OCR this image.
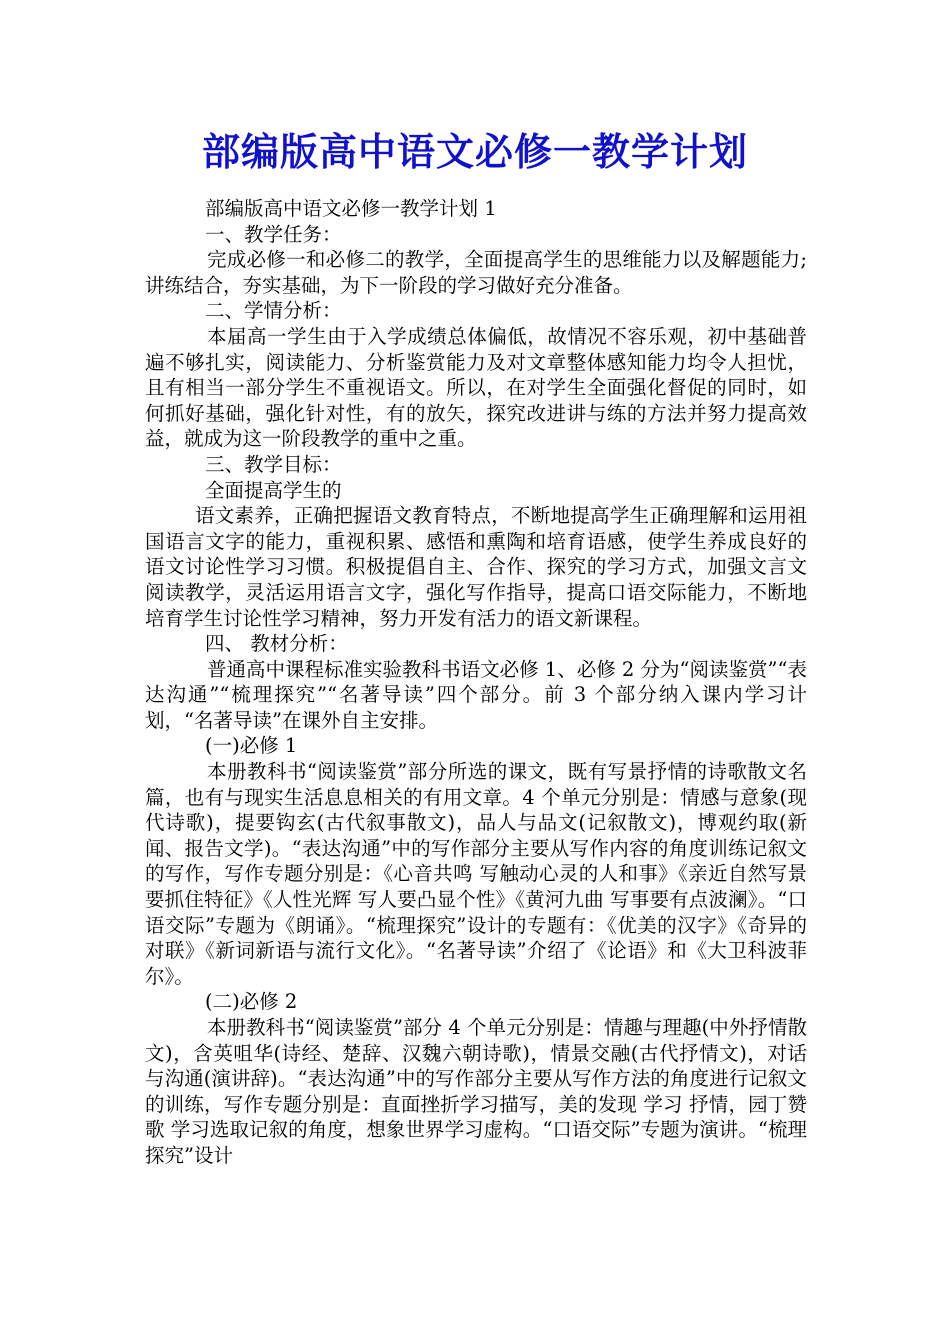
部编版高中语文必修一教学计划

部编版高中语文必修一教学计划 1

一、教学任务：

完成必修一和必修二的教学，全面提高学生的思维能力以及解题能力;讲练结合，夯实基础，为下一阶段的学习做好充分准备。

二、学情分析：

本届高一学生由于入学成绩总体偏低，故情况不容乐观，初中基础普遍不够扎实，阅读能力、分析鉴赏能力及对文章整体感知能力均令人担忧，且有相当一部分学生不重视语文。所以，在对学生全面强化督促的同时，如何抓好基础，强化针对性，有的放矢，探究改进讲与练的方法并努力提高效益，就成为这一阶段教学的重中之重。

三、教学目标：

全面提高学生的

语文素养，正确把握语文教育特点，不断地提高学生正确理解和运用祖国语言文字的能力，重视积累、感悟和熏陶和培育语感，使学生养成良好的语文讨论性学习习惯。积极提倡自主、合作、探究的学习方式，加强文言文阅读教学，灵活运用语言文字，强化写作指导，提高口语交际能力，不断地培育学生讨论性学习精神，努力开发有活力的语文新课程。

四、 教材分析：

普通高中课程标准实验教科书语文必修 1、必修 2 分为“阅读鉴赏”“表达沟通”“梳理探究”“名著导读”四个部分。前 3 个部分纳入课内学习计划，“名著导读”在课外自主安排。

(一)必修 1

本册教科书“阅读鉴赏”部分所选的课文，既有写景抒情的诗歌散文名篇，也有与现实生活息息相关的有用文章。4 个单元分别是：情感与意象(现代诗歌)，提要钩玄(古代叙事散文)，品人与品文(记叙散文)，博观约取(新闻、报告文学)。“表达沟通”中的写作部分主要从写作内容的角度训练记叙文的写作，写作专题分别是：《心音共鸣 写触动心灵的人和事》《亲近自然写景要抓住特征》《人性光辉 写人要凸显个性》《黄河九曲 写事要有点波澜》。“口语交际”专题为《朗诵》。“梳理探究”设计的专题有：《优美的汉字》《奇异的对联》《新词新语与流行文化》。“名著导读”介绍了《论语》和《大卫科波菲尔》。

(二)必修 2

本册教科书“阅读鉴赏”部分 4 个单元分别是：情趣与理趣(中外抒情散文)，含英咀华(诗经、楚辞、汉魏六朝诗歌)，情景交融(古代抒情文)，对话与沟通(演讲辞)。“表达沟通”中的写作部分主要从写作方法的角度进行记叙文的训练，写作专题分别是：直面挫折学习描写，美的发现 学习 抒情，园丁赞歌 学习选取记叙的角度，想象世界学习虚构。“口语交际”专题为演讲。“梳理探究”设计
